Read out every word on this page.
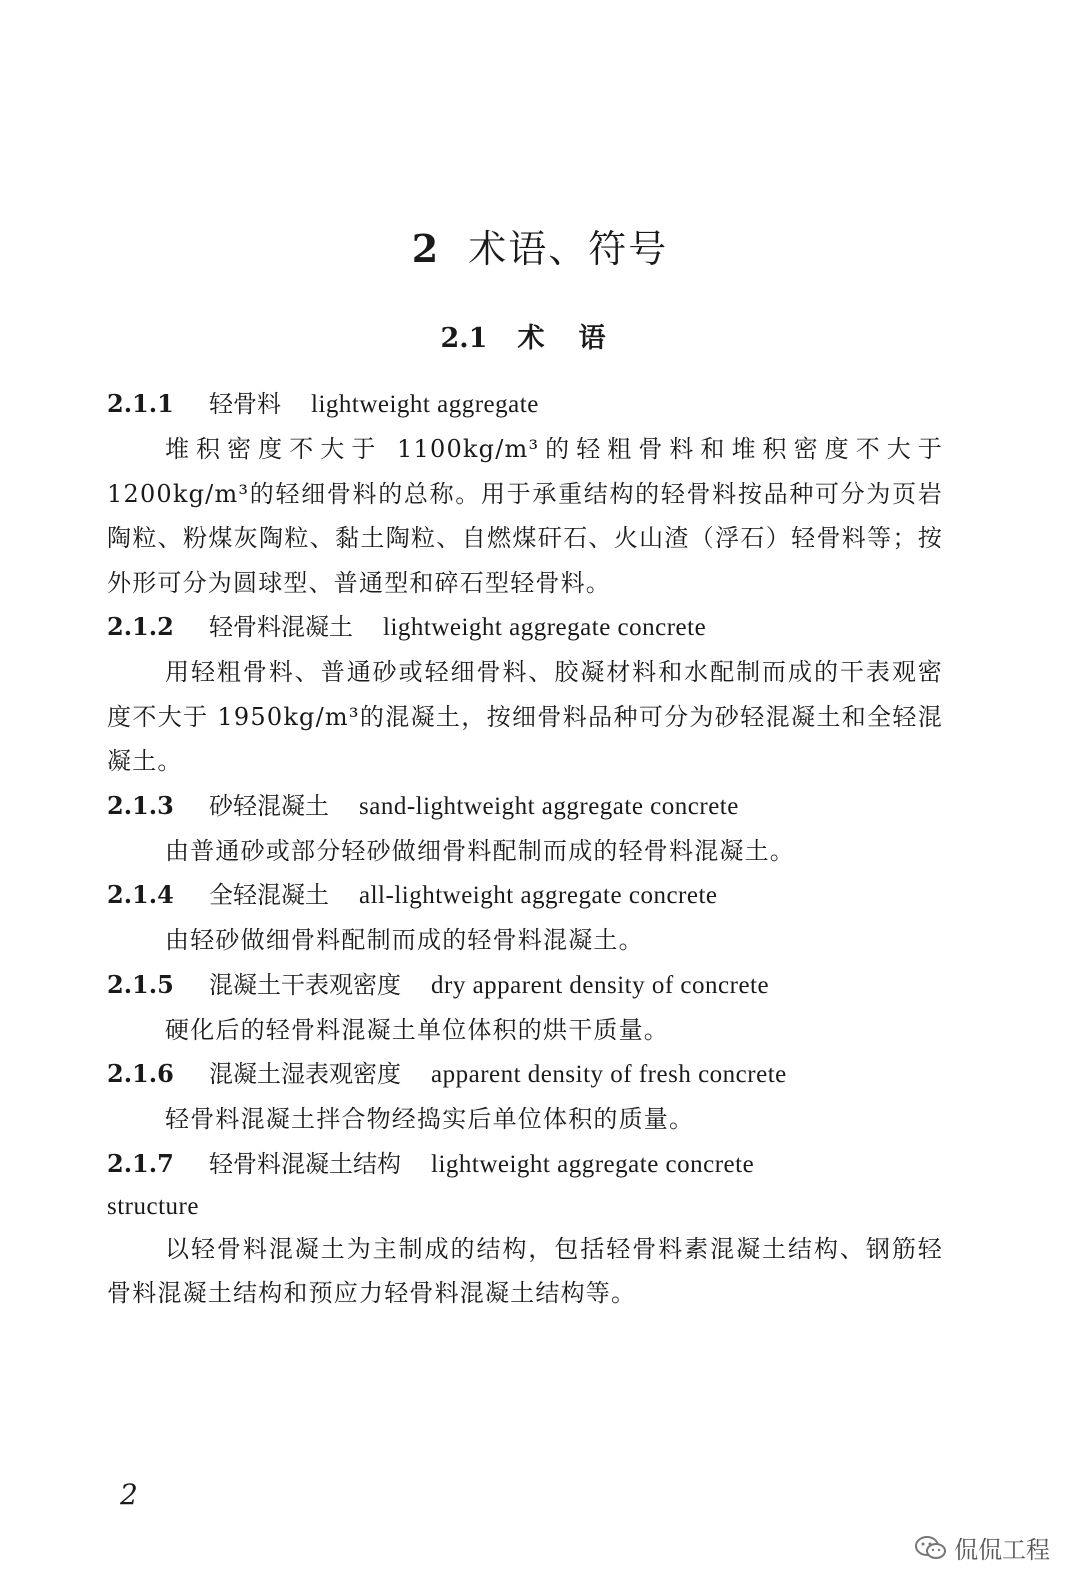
2 术语、符号
2.1 术语
2.1.1 轻骨料 lightweight aggregate

堆积密度不大于 1100kg/m³的轻粗骨料和堆积密度不大于1200kg/m³的轻细骨料的总称。用于承重结构的轻骨料按品种可分为页岩陶粒、粉煤灰陶粒、黏土陶粒、自燃煤矸石、火山渣（浮石）轻骨料等；按外形可分为圆球型、普通型和碎石型轻骨料。

2.1.2 轻骨料混凝土 lightweight aggregate concrete

用轻粗骨料、普通砂或轻细骨料、胶凝材料和水配制而成的干表观密度不大于 1950kg/m³的混凝土，按细骨料品种可分为砂轻混凝土和全轻混凝土。

2.1.3 砂轻混凝土 sand-lightweight aggregate concrete

由普通砂或部分轻砂做细骨料配制而成的轻骨料混凝土。

2.1.4 全轻混凝土 all-lightweight aggregate concrete

由轻砂做细骨料配制而成的轻骨料混凝土。

2.1.5 混凝土干表观密度 dry apparent density of concrete

硬化后的轻骨料混凝土单位体积的烘干质量。

2.1.6 混凝土湿表观密度 apparent density of fresh concrete

轻骨料混凝土拌合物经捣实后单位体积的质量。

2.1.7 轻骨料混凝土结构 lightweight aggregate concrete
structure

以轻骨料混凝土为主制成的结构，包括轻骨料素混凝土结构、钢筋轻骨料混凝土结构和预应力轻骨料混凝土结构等。

2
侃侃工程
